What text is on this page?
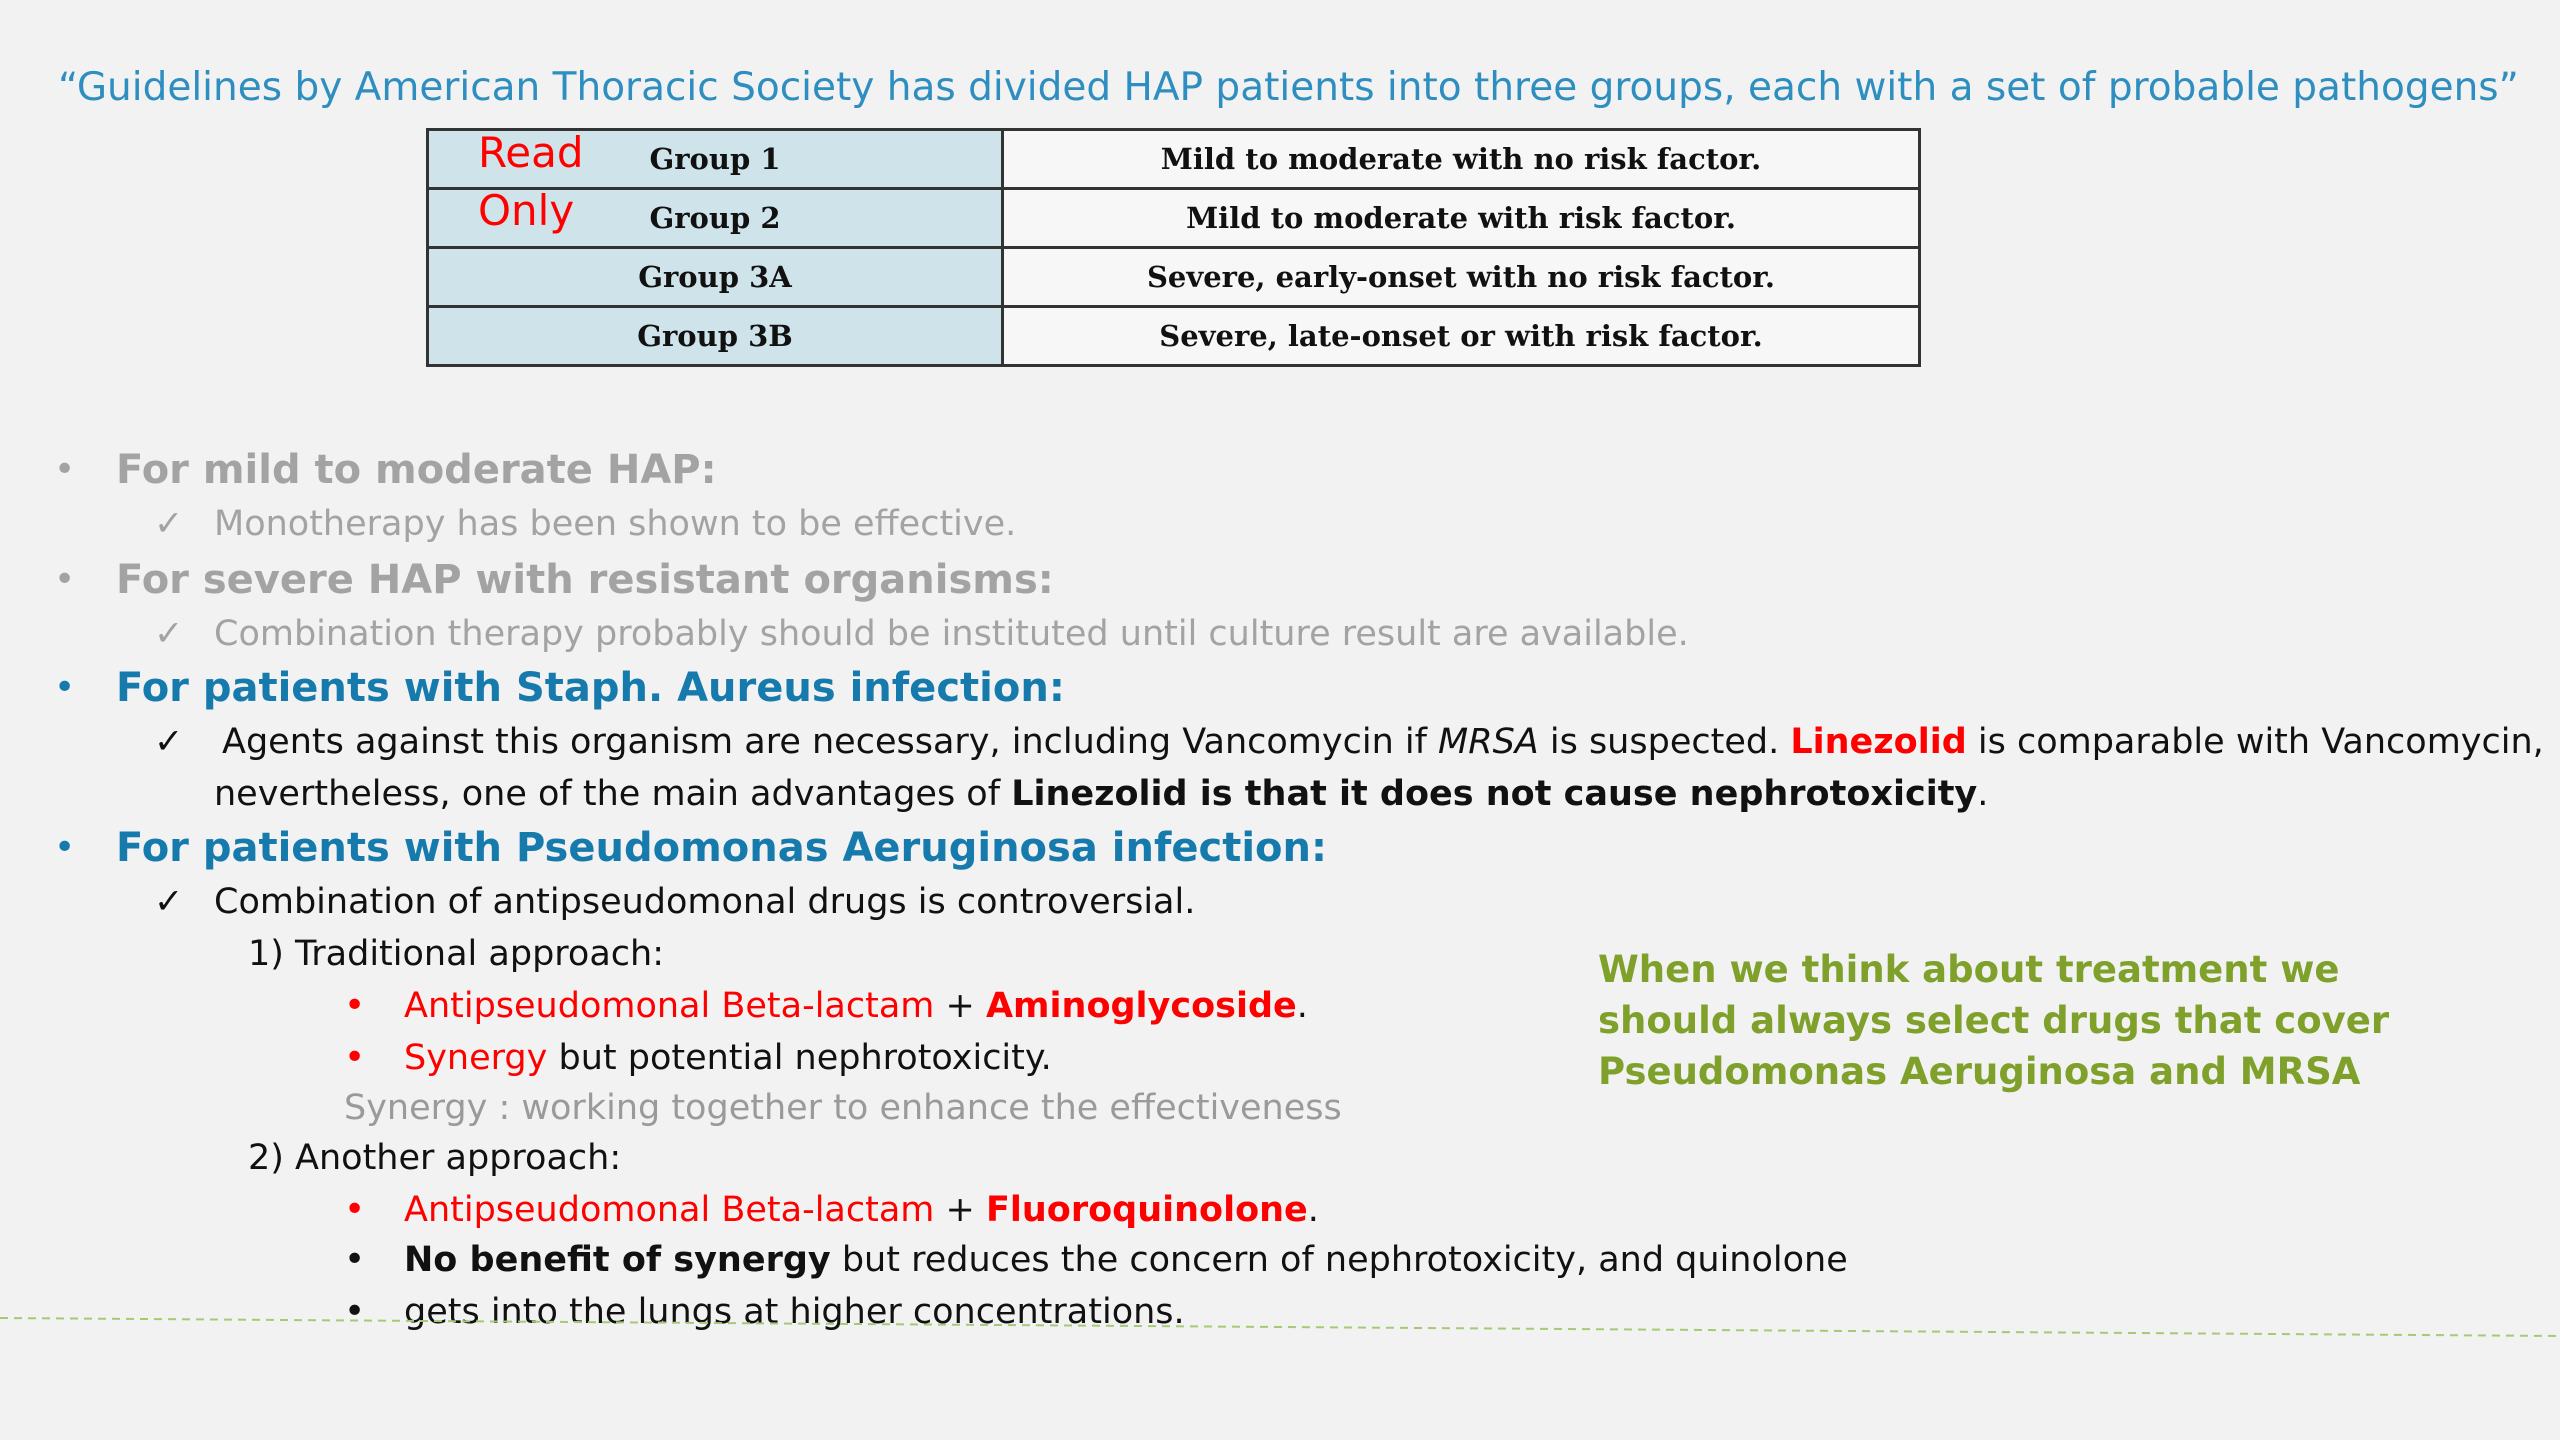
“Guidelines by American Thoracic Society has divided HAP patients into three groups, each with a set of probable pathogens”
Group 1	Mild to moderate with no risk factor.
Group 2	Mild to moderate with risk factor.
Group 3A	Severe, early-onset with no risk factor.
Group 3B	Severe, late-onset or with risk factor.
Read
Only
• For mild to moderate HAP:
✓ Monotherapy has been shown to be effective.
• For severe HAP with resistant organisms:
✓ Combination therapy probably should be instituted until culture result are available.
• For patients with Staph. Aureus infection:
✓ Agents against this organism are necessary, including Vancomycin if MRSA is suspected. Linezolid is comparable with Vancomycin,
nevertheless, one of the main advantages of Linezolid is that it does not cause nephrotoxicity.
• For patients with Pseudomonas Aeruginosa infection:
✓ Combination of antipseudomonal drugs is controversial.
1) Traditional approach:
• Antipseudomonal Beta-lactam + Aminoglycoside.
• Synergy but potential nephrotoxicity.
Synergy : working together to enhance the effectiveness
2) Another approach:
• Antipseudomonal Beta-lactam + Fluoroquinolone.
• No benefit of synergy but reduces the concern of nephrotoxicity, and quinolone
• gets into the lungs at higher concentrations.
When we think about treatment we should always select drugs that cover Pseudomonas Aeruginosa and MRSA
